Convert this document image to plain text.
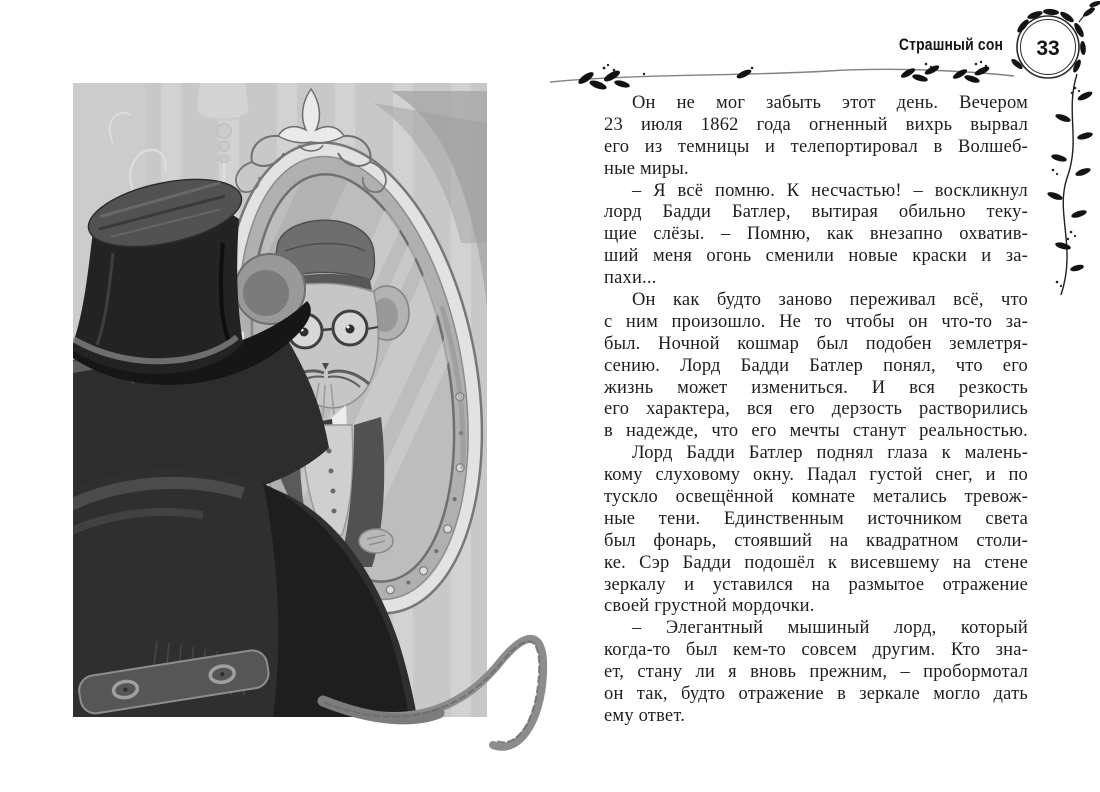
Страшный сон 33
Он не мог забыть этот день. Вечером
23 июля 1862 года огненный вихрь вырвал
его из темницы и телепортировал в Волшеб-
ные миры.
– Я всё помню. К несчастью! – воскликнул
лорд Бадди Батлер, вытирая обильно теку-
щие слёзы. – Помню, как внезапно охватив-
ший меня огонь сменили новые краски и за-
пахи...
Он как будто заново переживал всё, что
с ним произошло. Не то чтобы он что-то за-
был. Ночной кошмар был подобен землетря-
сению. Лорд Бадди Батлер понял, что его
жизнь может измениться. И вся резкость
его характера, вся его дерзость растворились
в надежде, что его мечты станут реальностью.
Лорд Бадди Батлер поднял глаза к малень-
кому слуховому окну. Падал густой снег, и по
тускло освещённой комнате метались тревож-
ные тени. Единственным источником света
был фонарь, стоявший на квадратном столи-
ке. Сэр Бадди подошёл к висевшему на стене
зеркалу и уставился на размытое отражение
своей грустной мордочки.
– Элегантный мышиный лорд, который
когда-то был кем-то совсем другим. Кто зна-
ет, стану ли я вновь прежним, – пробормотал
он так, будто отражение в зеркале могло дать
ему ответ.
